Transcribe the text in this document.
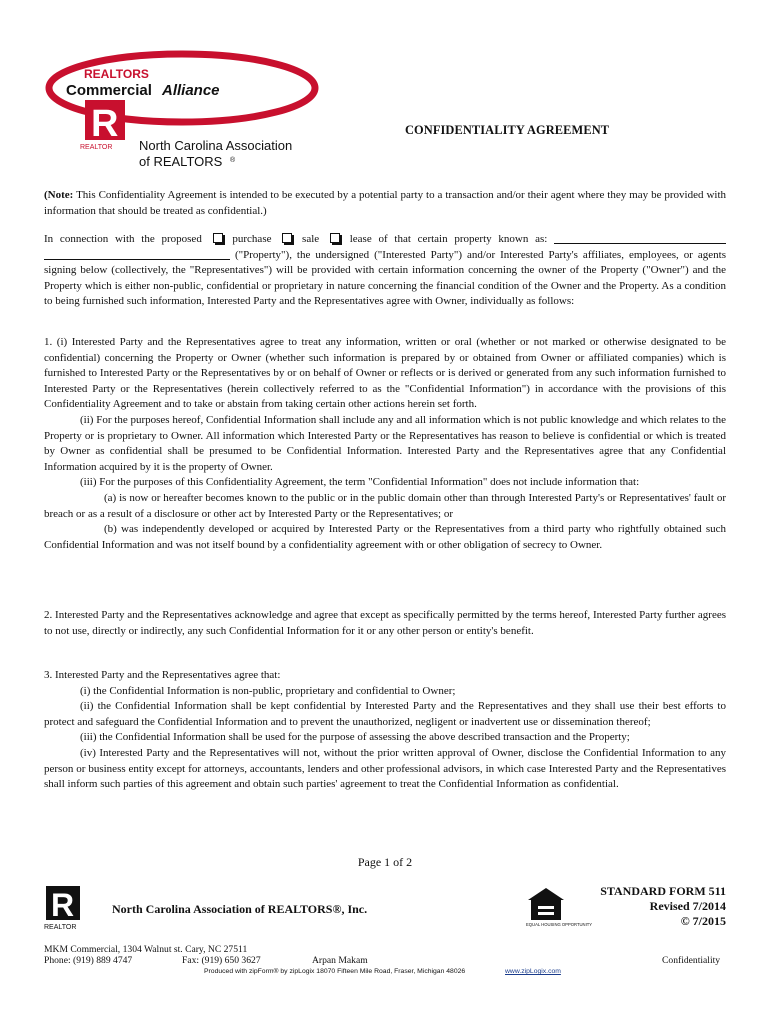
REALTORS
Commercial Alliance
R
REALTOR North Carolina Association
of REALTORS ®
CONFIDENTIALITY AGREEMENT

(Note: This Confidentiality Agreement is intended to be executed by a potential party to a transaction and/or their agent where they may be provided with information that should be treated as confidential.)

In connection with the proposed	purchase	sale	lease of that certain property known as:   ("Property"), the undersigned ("Interested Party") and/or Interested Party's affiliates, employees, or agents signing below (collectively, the "Representatives") will be provided with certain information concerning the owner of the Property ("Owner") and the Property which is either non-public, confidential or proprietary in nature concerning the financial condition of the Owner and the Property. As a condition to being furnished such information, Interested Party and the Representatives agree with Owner, individually as follows:

1. (i) Interested Party and the Representatives agree to treat any information, written or oral (whether or not marked or otherwise designated to be confidential) concerning the Property or Owner (whether such information is prepared by or obtained from Owner or affiliated companies) which is furnished to Interested Party or the Representatives by or on behalf of Owner or reflects or is derived or generated from any such information furnished to Interested Party or the Representatives (herein collectively referred to as the "Confidential Information") in accordance with the provisions of this Confidentiality Agreement and to take or abstain from taking certain other actions herein set forth.

(ii) For the purposes hereof, Confidential Information shall include any and all information which is not public knowledge and which relates to the Property or is proprietary to Owner. All information which Interested Party or the Representatives has reason to believe is confidential or which is treated by Owner as confidential shall be presumed to be Confidential Information. Interested Party and the Representatives agree that any Confidential Information acquired by it is the property of Owner.

(iii) For the purposes of this Confidentiality Agreement, the term "Confidential Information" does not include information that:

(a) is now or hereafter becomes known to the public or in the public domain other than through Interested Party's or Representatives' fault or breach or as a result of a disclosure or other act by Interested Party or the Representatives; or

(b) was independently developed or acquired by Interested Party or the Representatives from a third party who rightfully obtained such Confidential Information and was not itself bound by a confidentiality agreement with or other obligation of secrecy to Owner.

2. Interested Party and the Representatives acknowledge and agree that except as specifically permitted by the terms hereof, Interested Party further agrees to not use, directly or indirectly, any such Confidential Information for it or any other person or entity's benefit.

3. Interested Party and the Representatives agree that:

(i) the Confidential Information is non-public, proprietary and confidential to Owner;

(ii) the Confidential Information shall be kept confidential by Interested Party and the Representatives and they shall use their best efforts to protect and safeguard the Confidential Information and to prevent the unauthorized, negligent or inadvertent use or dissemination thereof;

(iii) the Confidential Information shall be used for the purpose of assessing the above described transaction and the Property;

(iv) Interested Party and the Representatives will not, without the prior written approval of Owner, disclose the Confidential Information to any person or business entity except for attorneys, accountants, lenders and other professional advisors, in which case Interested Party and the Representatives shall inform such parties of this agreement and obtain such parties' agreement to treat the Confidential Information as confidential.

Page 1 of 2
R
REALTOR
North Carolina Association of REALTORS®, Inc.
EQUAL HOUSING OPPORTUNITY
STANDARD FORM 511
Revised 7/2014
© 7/2015
MKM Commercial, 1304 Walnut st. Cary, NC 27511
Phone: (919) 889 4747	Fax: (919) 650 3627	Arpan Makam	Confidentiality
Produced with zipForm® by zipLogix 18070 Fifteen Mile Road, Fraser, Michigan 48026	www.zipLogix.com
